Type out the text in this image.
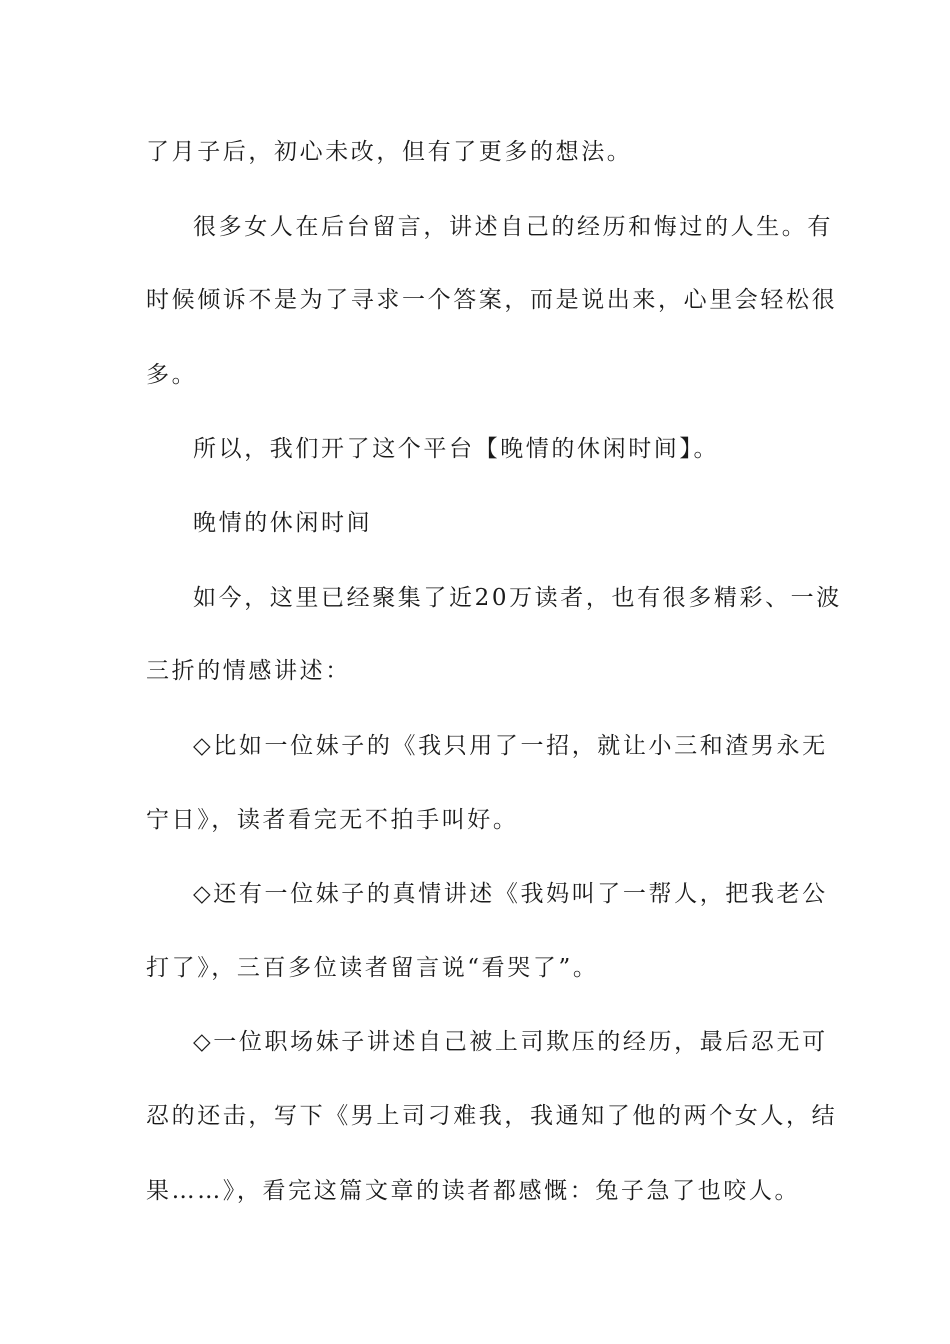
了月子后，初心未改，但有了更多的想法。
很多女人在后台留言，讲述自己的经历和悔过的人生。有
时候倾诉不是为了寻求一个答案，而是说出来，心里会轻松很
多。
所以，我们开了这个平台【晚情的休闲时间】。
晚情的休闲时间
如今，这里已经聚集了近20万读者，也有很多精彩、一波
三折的情感讲述：
◇比如一位妹子的《我只用了一招，就让小三和渣男永无
宁日》，读者看完无不拍手叫好。
◇还有一位妹子的真情讲述《我妈叫了一帮人，把我老公
打了》，三百多位读者留言说“看哭了”。
◇一位职场妹子讲述自己被上司欺压的经历，最后忍无可
忍的还击，写下《男上司刁难我，我通知了他的两个女人，结
果……》，看完这篇文章的读者都感慨：兔子急了也咬人。
